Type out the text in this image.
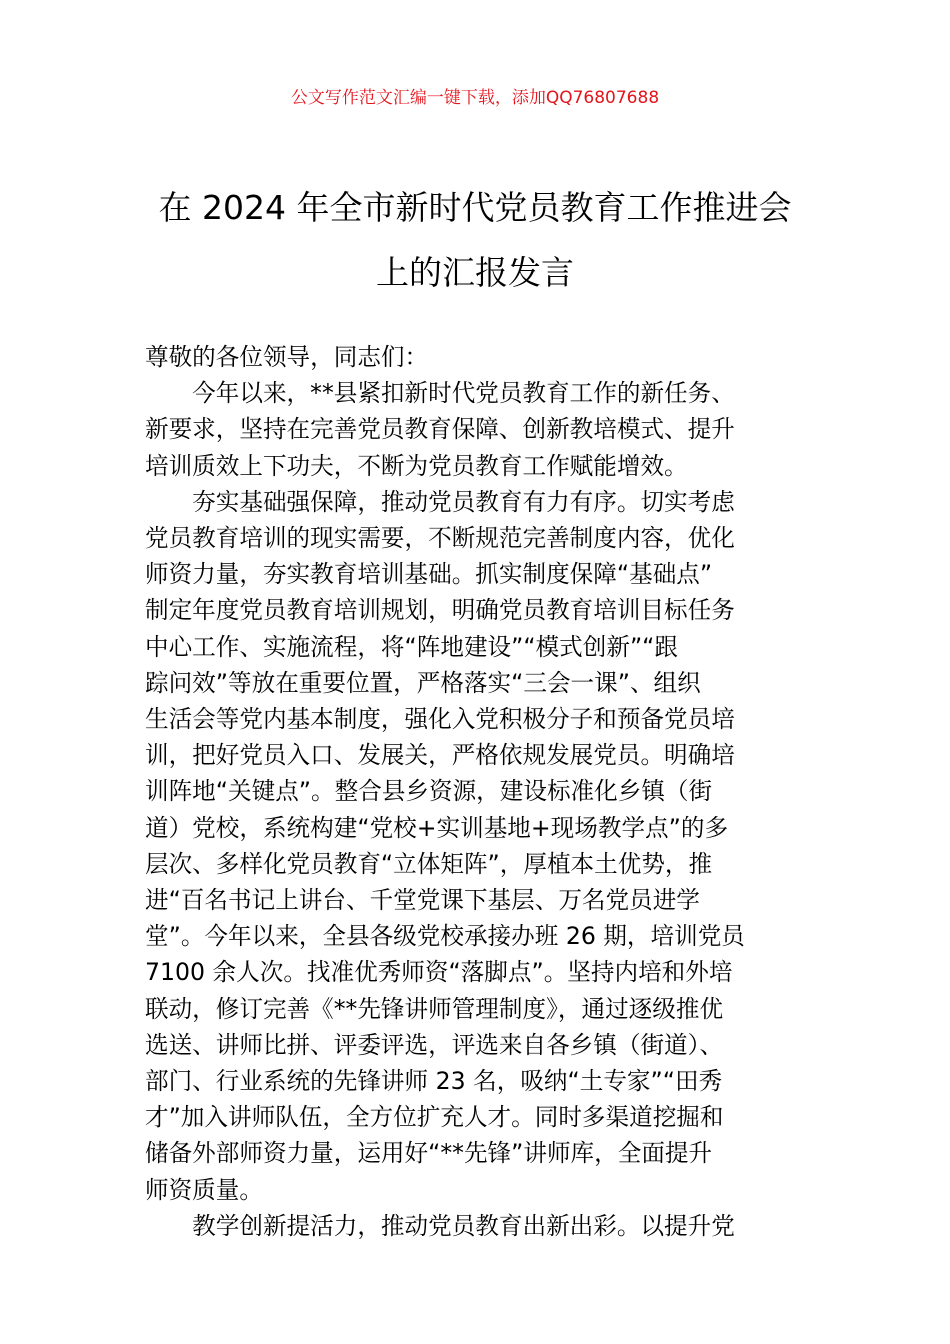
公文写作范文汇编一键下载，添加QQ76807688
在 2024 年全市新时代党员教育工作推进会
上的汇报发言

尊敬的各位领导，同志们：

　　今年以来，**县紧扣新时代党员教育工作的新任务、

新要求，坚持在完善党员教育保障、创新教培模式、提升

培训质效上下功夫，不断为党员教育工作赋能增效。

　　夯实基础强保障，推动党员教育有力有序。切实考虑

党员教育培训的现实需要，不断规范完善制度内容，优化

师资力量，夯实教育培训基础。抓实制度保障“基础点”

制定年度党员教育培训规划，明确党员教育培训目标任务

中心工作、实施流程，将“阵地建设”“模式创新”“跟

踪问效”等放在重要位置，严格落实“三会一课”、组织

生活会等党内基本制度，强化入党积极分子和预备党员培

训，把好党员入口、发展关，严格依规发展党员。明确培

训阵地“关键点”。整合县乡资源，建设标准化乡镇（街

道）党校，系统构建“党校+实训基地+现场教学点”的多

层次、多样化党员教育“立体矩阵”，厚植本土优势，推

进“百名书记上讲台、千堂党课下基层、万名党员进学

堂”。今年以来，全县各级党校承接办班 26 期，培训党员

7100 余人次。找准优秀师资“落脚点”。坚持内培和外培

联动，修订完善《**先锋讲师管理制度》，通过逐级推优

选送、讲师比拼、评委评选，评选来自各乡镇（街道）、

部门、行业系统的先锋讲师 23 名，吸纳“土专家”“田秀

才”加入讲师队伍，全方位扩充人才。同时多渠道挖掘和

储备外部师资力量，运用好“**先锋”讲师库，全面提升

师资质量。

　　教学创新提活力，推动党员教育出新出彩。以提升党
